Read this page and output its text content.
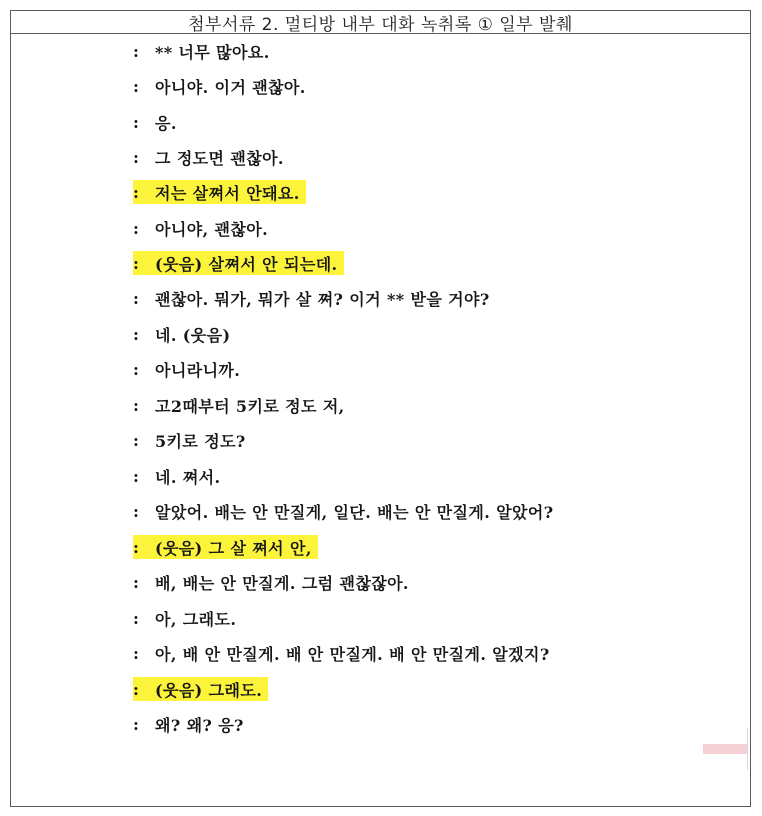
첨부서류 2. 멀티방 내부 대화 녹취록 ① 일부 발췌
: ** 너무 많아요.
: 아니야. 이거 괜찮아.
: 응.
: 그 정도면 괜찮아.
: 저는 살쪄서 안돼요.
: 아니야, 괜찮아.
: (웃음) 살쪄서 안 되는데.
: 괜찮아. 뭐가, 뭐가 살 쪄? 이거 ** 받을 거야?
: 네. (웃음)
: 아니라니까.
: 고2때부터 5키로 정도 저,
: 5키로 정도?
: 네. 쪄서.
: 알았어. 배는 안 만질게, 일단. 배는 안 만질게. 알았어?
: (웃음) 그 살 쪄서 안,
: 배, 배는 안 만질게. 그럼 괜찮잖아.
: 아, 그래도.
: 아, 배 안 만질게. 배 안 만질게. 배 안 만질게. 알겠지?
: (웃음) 그래도.
: 왜? 왜? 응?
